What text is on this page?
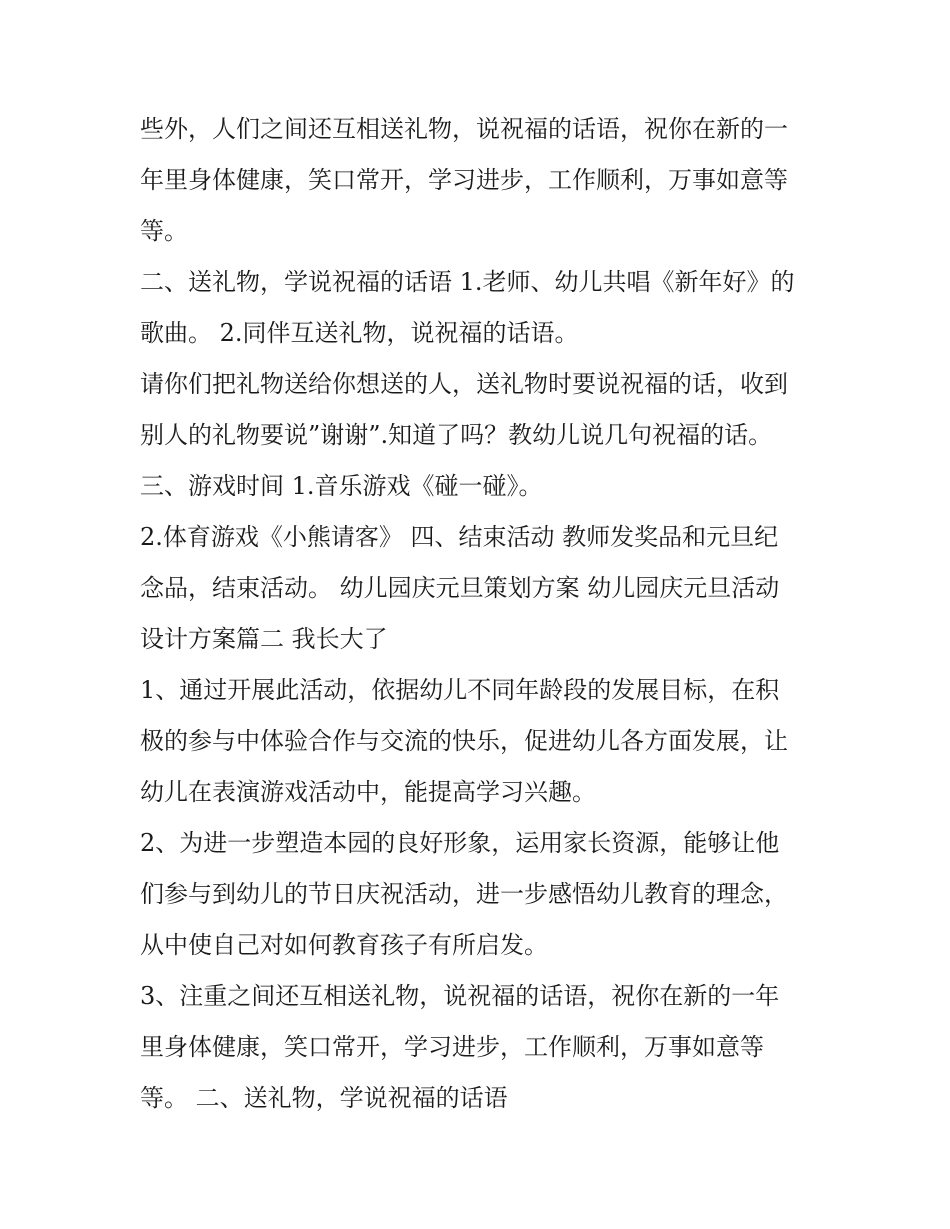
些外，人们之间还互相送礼物，说祝福的话语，祝你在新的一
年里身体健康，笑口常开，学习进步，工作顺利，万事如意等
等。
二、送礼物，学说祝福的话语 1.老师、幼儿共唱《新年好》的
歌曲。 2.同伴互送礼物，说祝福的话语。
请你们把礼物送给你想送的人，送礼物时要说祝福的话，收到
别人的礼物要说”谢谢”.知道了吗？教幼儿说几句祝福的话。
三、游戏时间 1.音乐游戏《碰一碰》。
2.体育游戏《小熊请客》 四、结束活动 教师发奖品和元旦纪
念品，结束活动。 幼儿园庆元旦策划方案 幼儿园庆元旦活动
设计方案篇二 我长大了
1、通过开展此活动，依据幼儿不同年龄段的发展目标，在积
极的参与中体验合作与交流的快乐，促进幼儿各方面发展，让
幼儿在表演游戏活动中，能提高学习兴趣。
2、为进一步塑造本园的良好形象，运用家长资源，能够让他
们参与到幼儿的节日庆祝活动，进一步感悟幼儿教育的理念，
从中使自己对如何教育孩子有所启发。
3、注重之间还互相送礼物，说祝福的话语，祝你在新的一年
里身体健康，笑口常开，学习进步，工作顺利，万事如意等
等。 二、送礼物，学说祝福的话语
